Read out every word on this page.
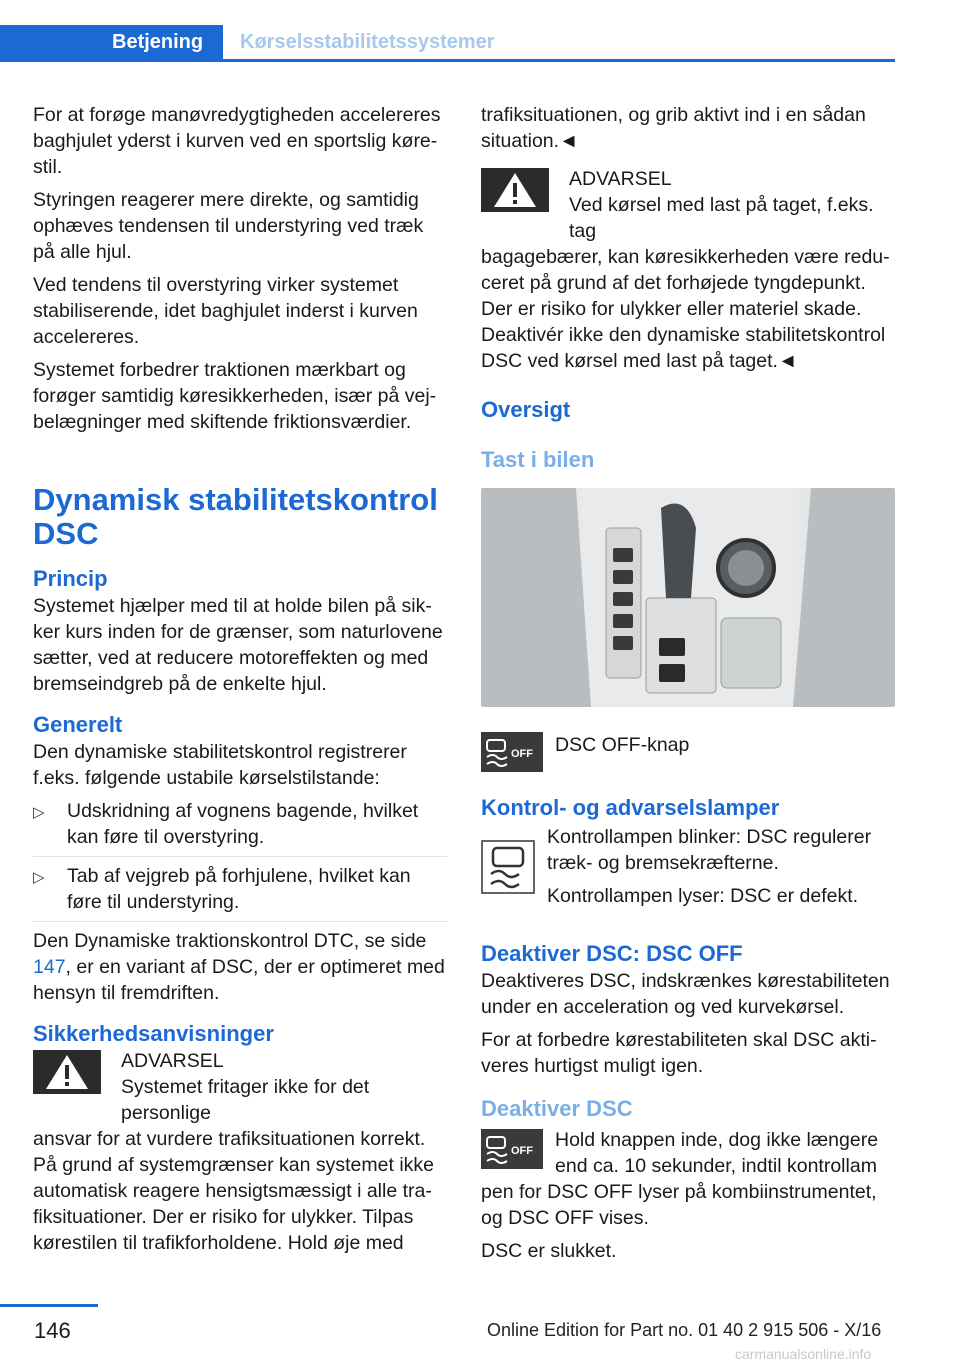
Betjening	Kørselsstabilitetssystemer

For at forøge manøvredygtigheden accelereres baghjulet yderst i kurven ved en sportslig kørestil.

Styringen reagerer mere direkte, og samtidig ophæves tendensen til understyring ved træk på alle hjul.

Ved tendens til overstyring virker systemet stabiliserende, idet baghjulet inderst i kurven accelereres.

Systemet forbedrer traktionen mærkbart og forøger samtidig køresikkerheden, især på vejbelægninger med skiftende friktionsværdier.

Dynamisk stabilitetskontrol DSC
Princip

Systemet hjælper med til at holde bilen på sikker kurs inden for de grænser, som naturlovene sætter, ved at reducere motoreffekten og med bremseindgreb på de enkelte hjul.

Generelt

Den dynamiske stabilitetskontrol registrerer f.eks. følgende ustabile kørselstilstande:

▷ Udskridning af vognens bagende, hvilket kan føre til overstyring.
▷ Tab af vejgreb på forhjulene, hvilket kan føre til understyring.

Den Dynamiske traktionskontrol DTC, se side 147, er en variant af DSC, der er optimeret med hensyn til fremdriften.

Sikkerhedsanvisninger
ADVARSEL
Systemet fritager ikke for det personlige
ansvar for at vurdere trafiksituationen korrekt. På grund af systemgrænser kan systemet ikke automatisk reagere hensigtsmæssigt i alle trafiksituationer. Der er risiko for ulykker. Tilpas kørestilen til trafikforholdene. Hold øje med

trafiksituationen, og grib aktivt ind i en sådan situation.◄

ADVARSEL
Ved kørsel med last på taget, f.eks. tag
bagagebærer, kan køresikkerheden være reduceret på grund af det forhøjede tyngdepunkt. Der er risiko for ulykker eller materiel skade. Deaktivér ikke den dynamiske stabilitetskontrol DSC ved kørsel med last på taget.◄
Oversigt
Tast i bilen
OFF DSC OFF-knap
Kontrol- og advarselslamper

Kontrollampen blinker: DSC regulerer træk- og bremsekræfterne.

Kontrollampen lyser: DSC er defekt.

Deaktiver DSC: DSC OFF

Deaktiveres DSC, indskrænkes kørestabiliteten under en acceleration og ved kurvekørsel.

For at forbedre kørestabiliteten skal DSC aktiveres hurtigst muligt igen.

Deaktiver DSC
OFF Hold knappen inde, dog ikke længere end ca. 10 sekunder, indtil kontrollam

pen for DSC OFF lyser på kombiinstrumentet, og DSC OFF vises.

DSC er slukket.

146	Online Edition for Part no. 01 40 2 915 506 - X/16
carmanualsonline.info
